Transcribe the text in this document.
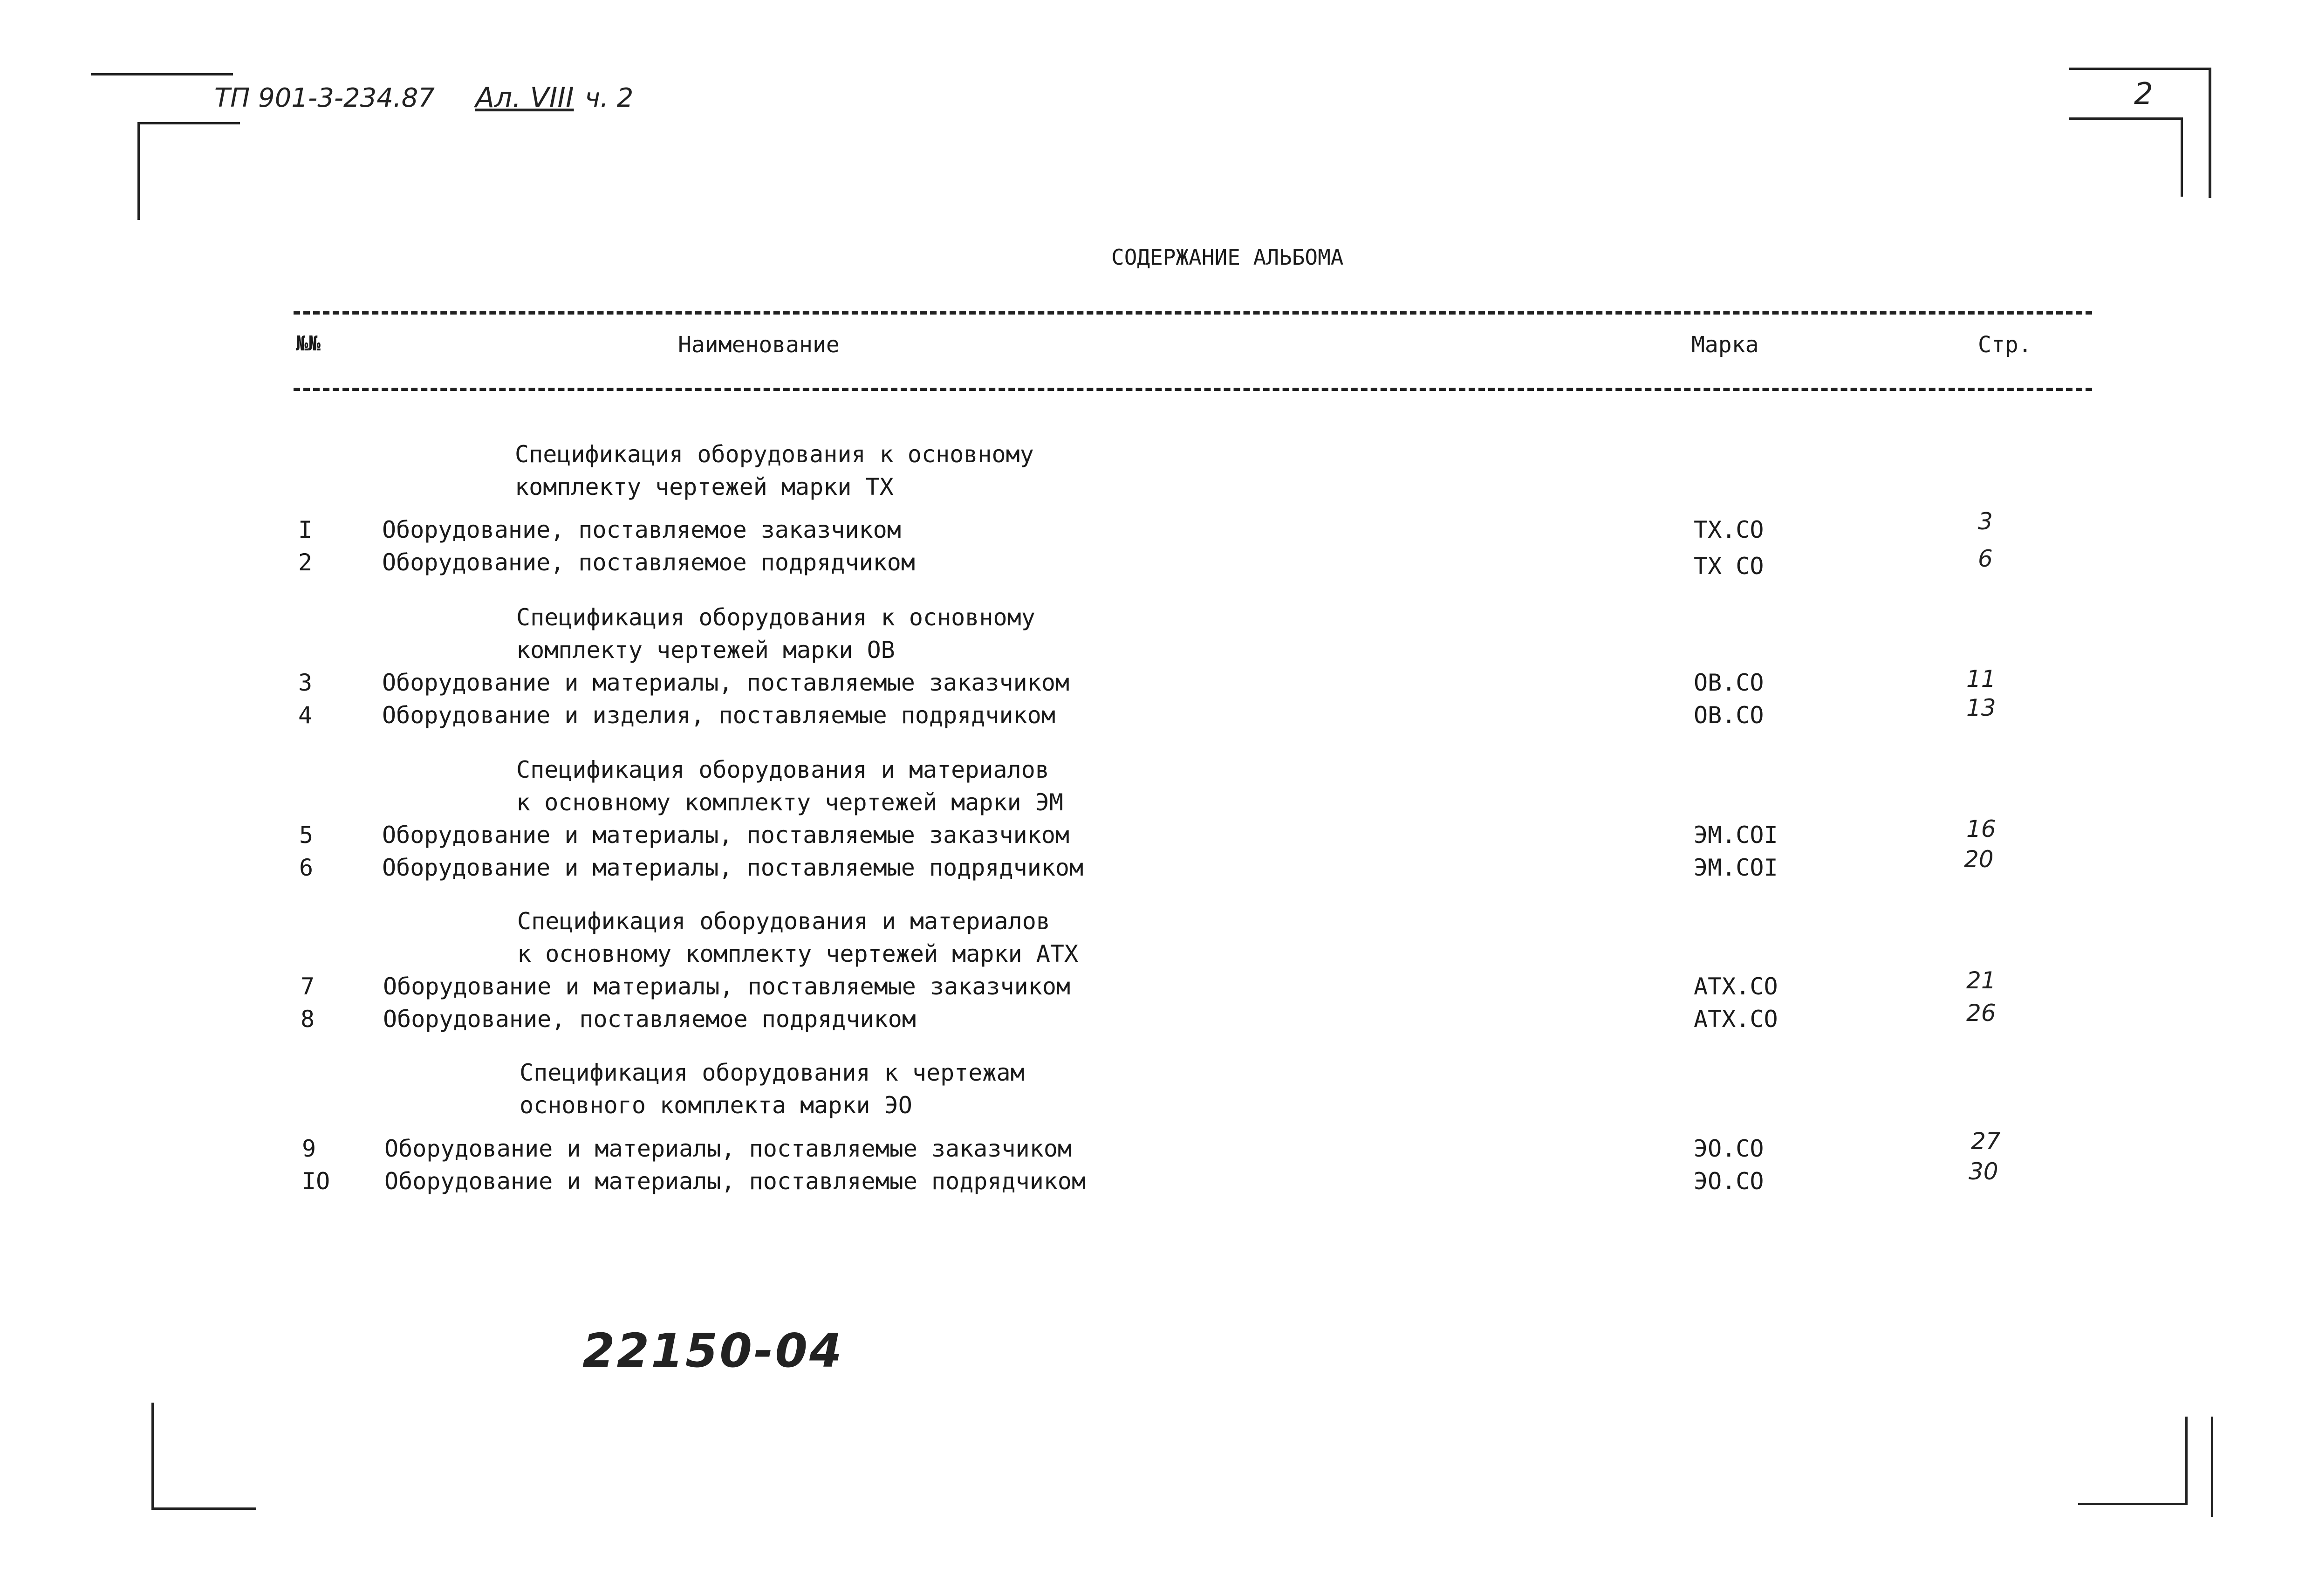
ТП 901-3-234.87 Ал. VIII ч. 2	2
СОДЕРЖАНИЕ АЛЬБОМА
№№	Наименование	Марка	Стр.
Спецификация оборудования к основному
комплекту чертежей марки ТХ
I	Оборудование, поставляемое заказчиком	ТХ.СО	3
2	Оборудование, поставляемое подрядчиком	ТХ СО	6
Спецификация оборудования к основному
комплекту чертежей марки ОВ
3	Оборудование и материалы, поставляемые заказчиком	ОВ.СО	11
4	Оборудование и изделия, поставляемые подрядчиком	ОВ.СО	13
Спецификация оборудования и материалов
к основному комплекту чертежей марки ЭМ
5	Оборудование и материалы, поставляемые заказчиком	ЭМ.СОI	16
6	Оборудование и материалы, поставляемые подрядчиком	ЭМ.СОI	20
Спецификация оборудования и материалов
к основному комплекту чертежей марки АТХ
7	Оборудование и материалы, поставляемые заказчиком	АТХ.СО	21
8	Оборудование, поставляемое подрядчиком	АТХ.СО	26
Спецификация оборудования к чертежам
основного комплекта марки ЭО
9	Оборудование и материалы, поставляемые заказчиком	ЭО.СО	27
IO Оборудование и материалы, поставляемые подрядчиком	ЭО.СО	30
22150-04
